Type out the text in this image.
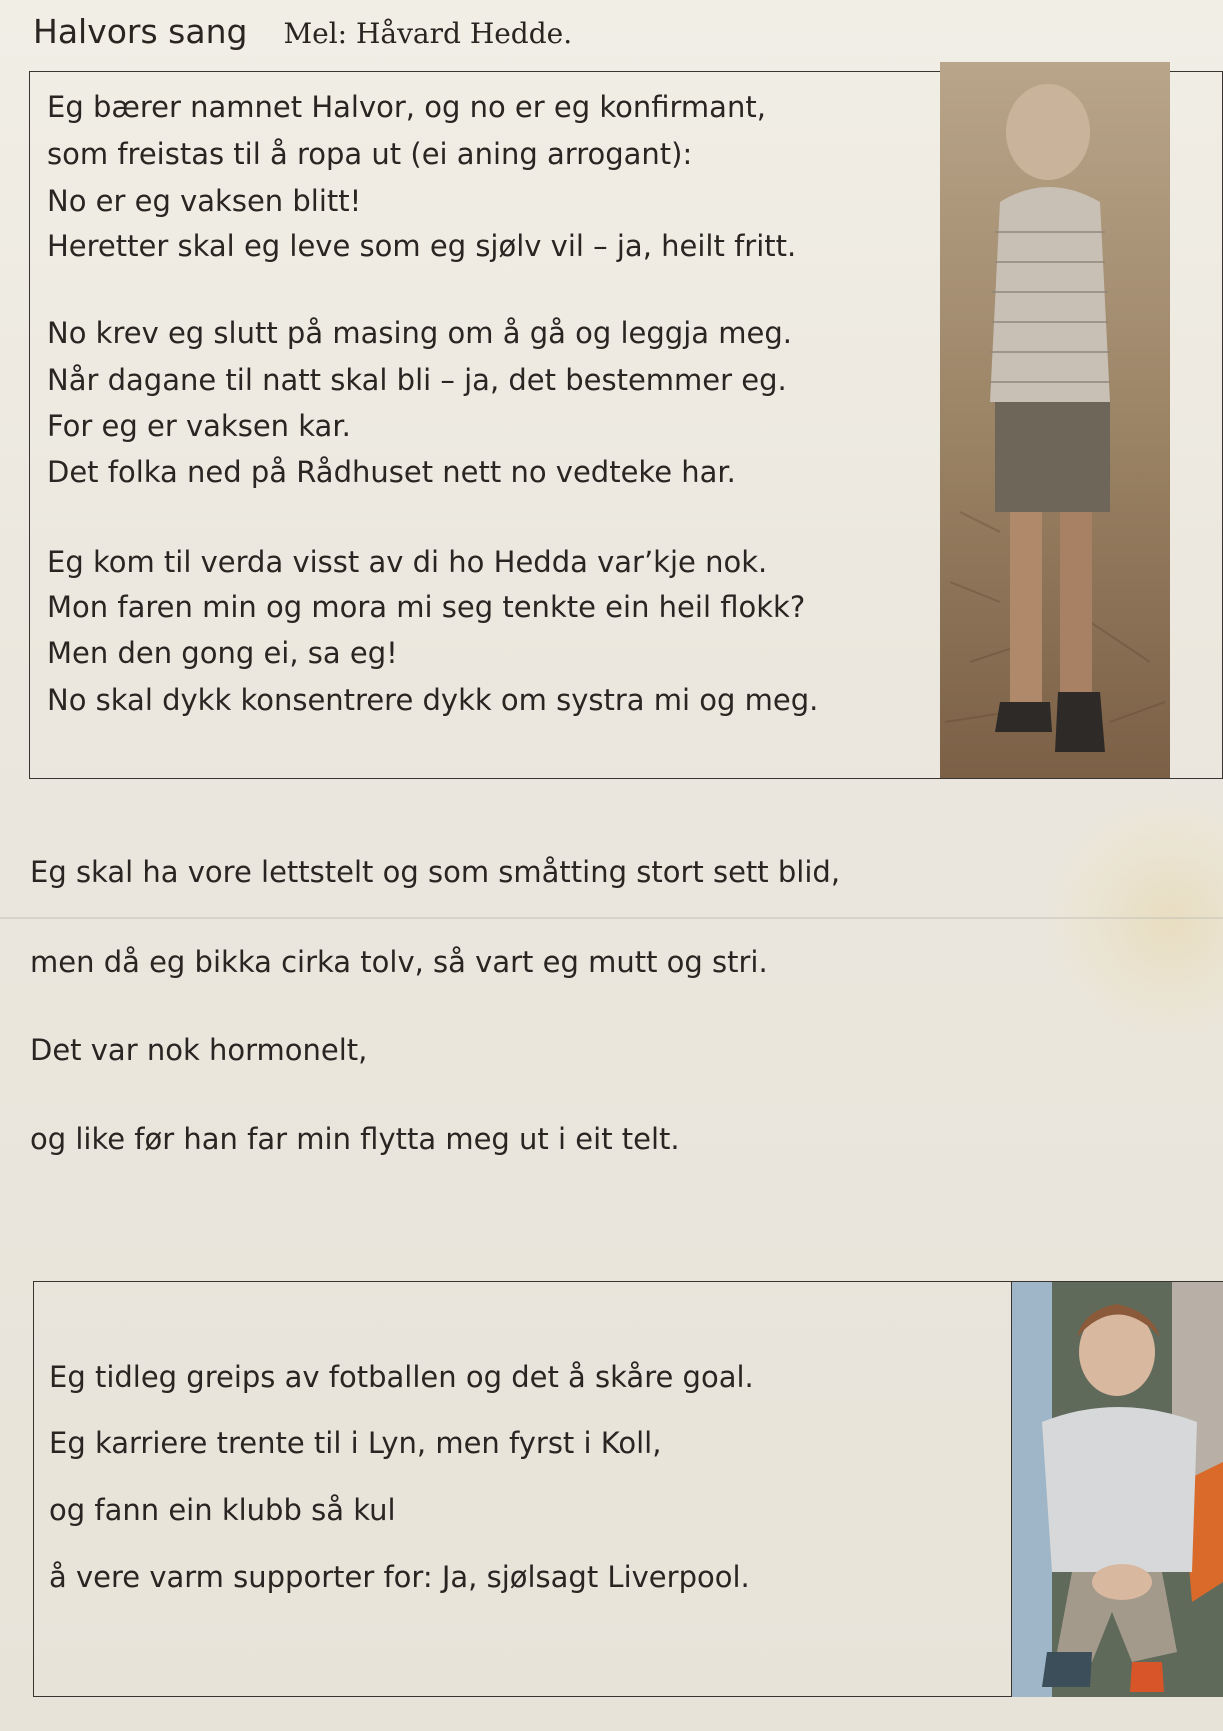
Halvors sang Mel: Håvard Hedde.
Eg bærer namnet Halvor, og no er eg konfirmant,
som freistas til å ropa ut (ei aning arrogant):
No er eg vaksen blitt!
Heretter skal eg leve som eg sjølv vil – ja, heilt fritt.
No krev eg slutt på masing om å gå og leggja meg.
Når dagane til natt skal bli – ja, det bestemmer eg.
For eg er vaksen kar.
Det folka ned på Rådhuset nett no vedteke har.
Eg kom til verda visst av di ho Hedda var’kje nok.
Mon faren min og mora mi seg tenkte ein heil flokk?
Men den gong ei, sa eg!
No skal dykk konsentrere dykk om systra mi og meg.
Eg skal ha vore lettstelt og som småtting stort sett blid,
men då eg bikka cirka tolv, så vart eg mutt og stri.
Det var nok hormonelt,
og like før han far min flytta meg ut i eit telt.
Eg tidleg greips av fotballen og det å skåre goal.
Eg karriere trente til i Lyn, men fyrst i Koll,
og fann ein klubb så kul
å vere varm supporter for: Ja, sjølsagt Liverpool.
